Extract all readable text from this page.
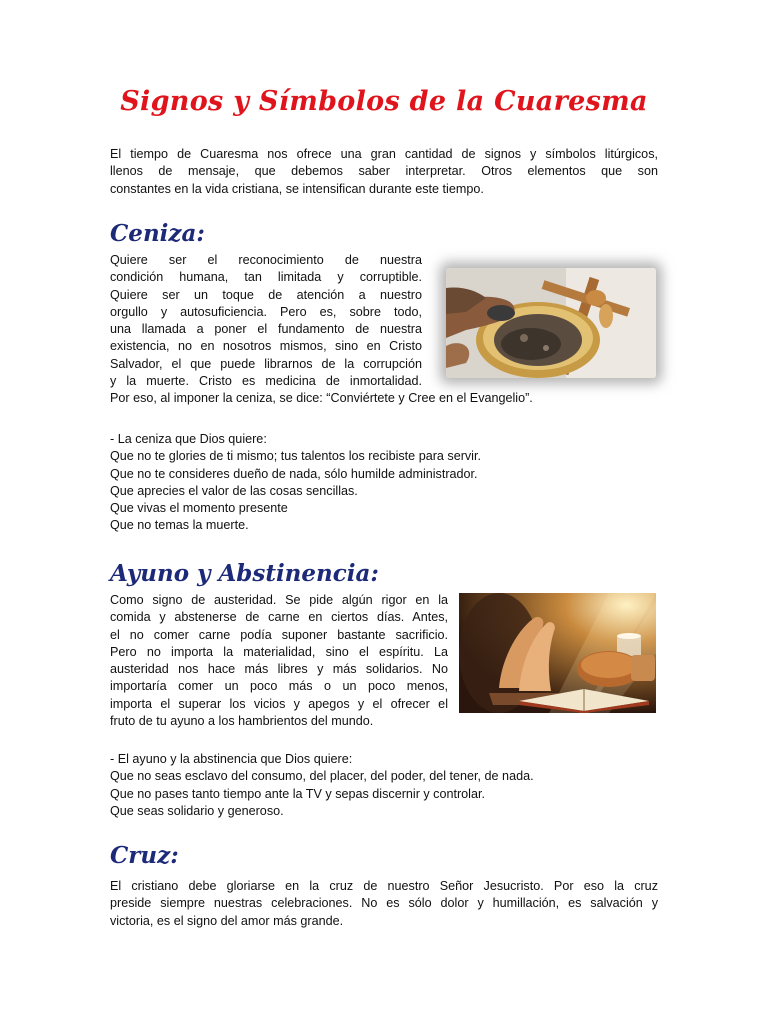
Signos y Símbolos de la Cuaresma
El tiempo de Cuaresma nos ofrece una gran cantidad de signos y símbolos litúrgicos,
llenos de mensaje, que debemos saber interpretar. Otros elementos que son
constantes en la vida cristiana, se intensifican durante este tiempo.
Ceniza:
Quiere ser el reconocimiento de nuestra
condición humana, tan limitada y corruptible.
Quiere ser un toque de atención a nuestro
orgullo y autosuficiencia. Pero es, sobre todo,
una llamada a poner el fundamento de nuestra
existencia, no en nosotros mismos, sino en Cristo
Salvador, el que puede librarnos de la corrupción
y la muerte. Cristo es medicina de inmortalidad.
Por eso, al imponer la ceniza, se dice: “Conviértete y Cree en el Evangelio”.
- La ceniza que Dios quiere:
Que no te glories de ti mismo; tus talentos los recibiste para servir.
Que no te consideres dueño de nada, sólo humilde administrador.
Que aprecies el valor de las cosas sencillas.
Que vivas el momento presente
Que no temas la muerte.
Ayuno y Abstinencia:
Como signo de austeridad. Se pide algún rigor en la
comida y abstenerse de carne en ciertos días. Antes,
el no comer carne podía suponer bastante sacrificio.
Pero no importa la materialidad, sino el espíritu. La
austeridad nos hace más libres y más solidarios. No
importaría comer un poco más o un poco menos,
importa el superar los vicios y apegos y el ofrecer el
fruto de tu ayuno a los hambrientos del mundo.
- El ayuno y la abstinencia que Dios quiere:
Que no seas esclavo del consumo, del placer, del poder, del tener, de nada.
Que no pases tanto tiempo ante la TV y sepas discernir y controlar.
Que seas solidario y generoso.
Cruz:
El cristiano debe gloriarse en la cruz de nuestro Señor Jesucristo. Por eso la cruz
preside siempre nuestras celebraciones. No es sólo dolor y humillación, es salvación y
victoria, es el signo del amor más grande.
